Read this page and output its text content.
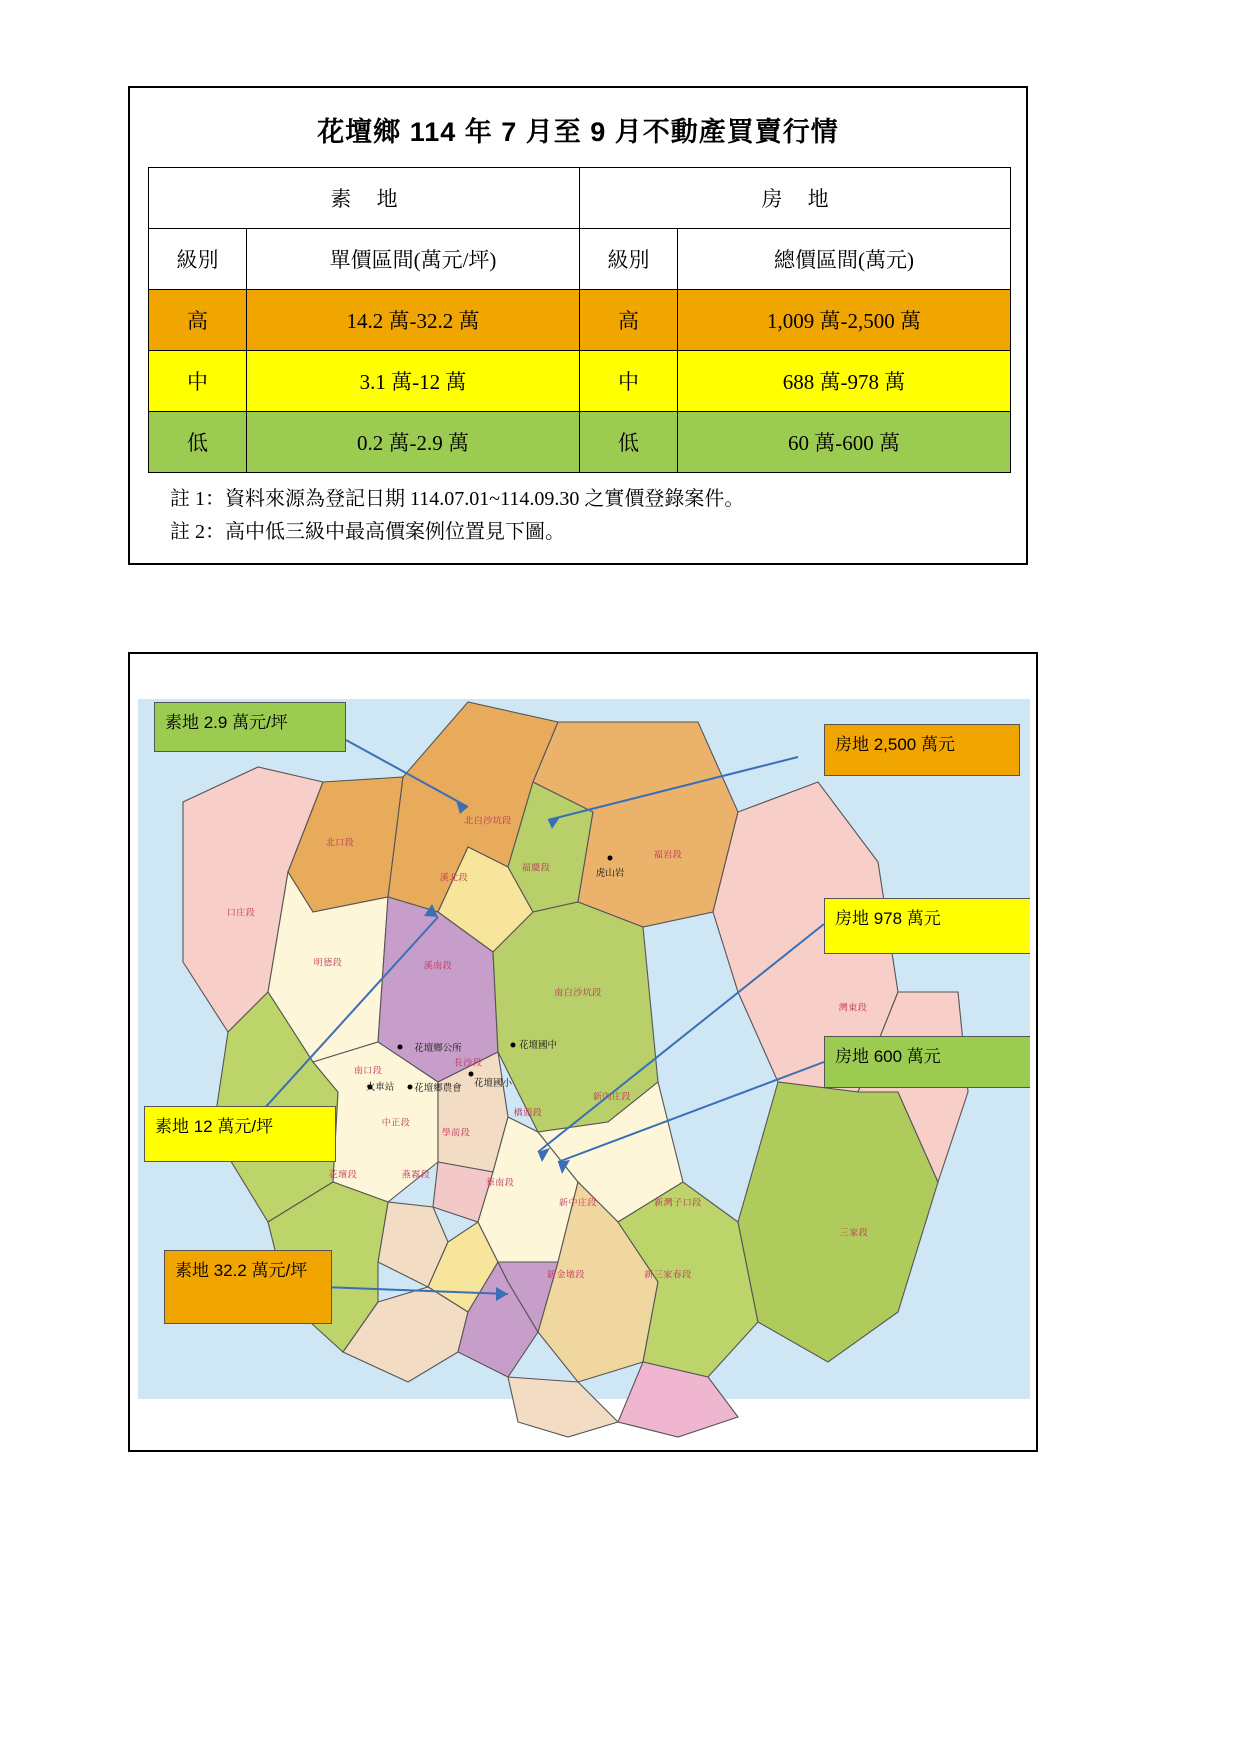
花壇鄉 114 年 7 月至 9 月不動產買賣行情
素 地		房 地	
級別	單價區間(萬元/坪)	級別	總價區間(萬元)
高	14.2 萬-32.2 萬	高	1,009 萬-2,500 萬
中	3.1 萬-12 萬	中	688 萬-978 萬
低	0.2 萬-2.9 萬	低	60 萬-600 萬
註 1：資料來源為登記日期 114.07.01~114.09.30 之實價登錄案件。
註 2：高中低三級中最高價案例位置見下圖。
北口段
北白沙坑段
溪北段
福慶段
福岩段
口庄段
明德段	溪南段
南白沙坑段
灣東段
南口段
長沙段
新內庄段
橋頭段
中正段
學前段
花壇段	燕霧段
華南段
新中庄段	新灣子口段
三家段
新金墩段	新三家春段
虎山岩
花壇鄉公所	花壇國中
花壇國小
花壇鄉農會
火車站
素地 2.9 萬元/坪
房地 2,500 萬元
房地 978 萬元
房地 600 萬元
素地 12 萬元/坪
素地 32.2 萬元/坪
